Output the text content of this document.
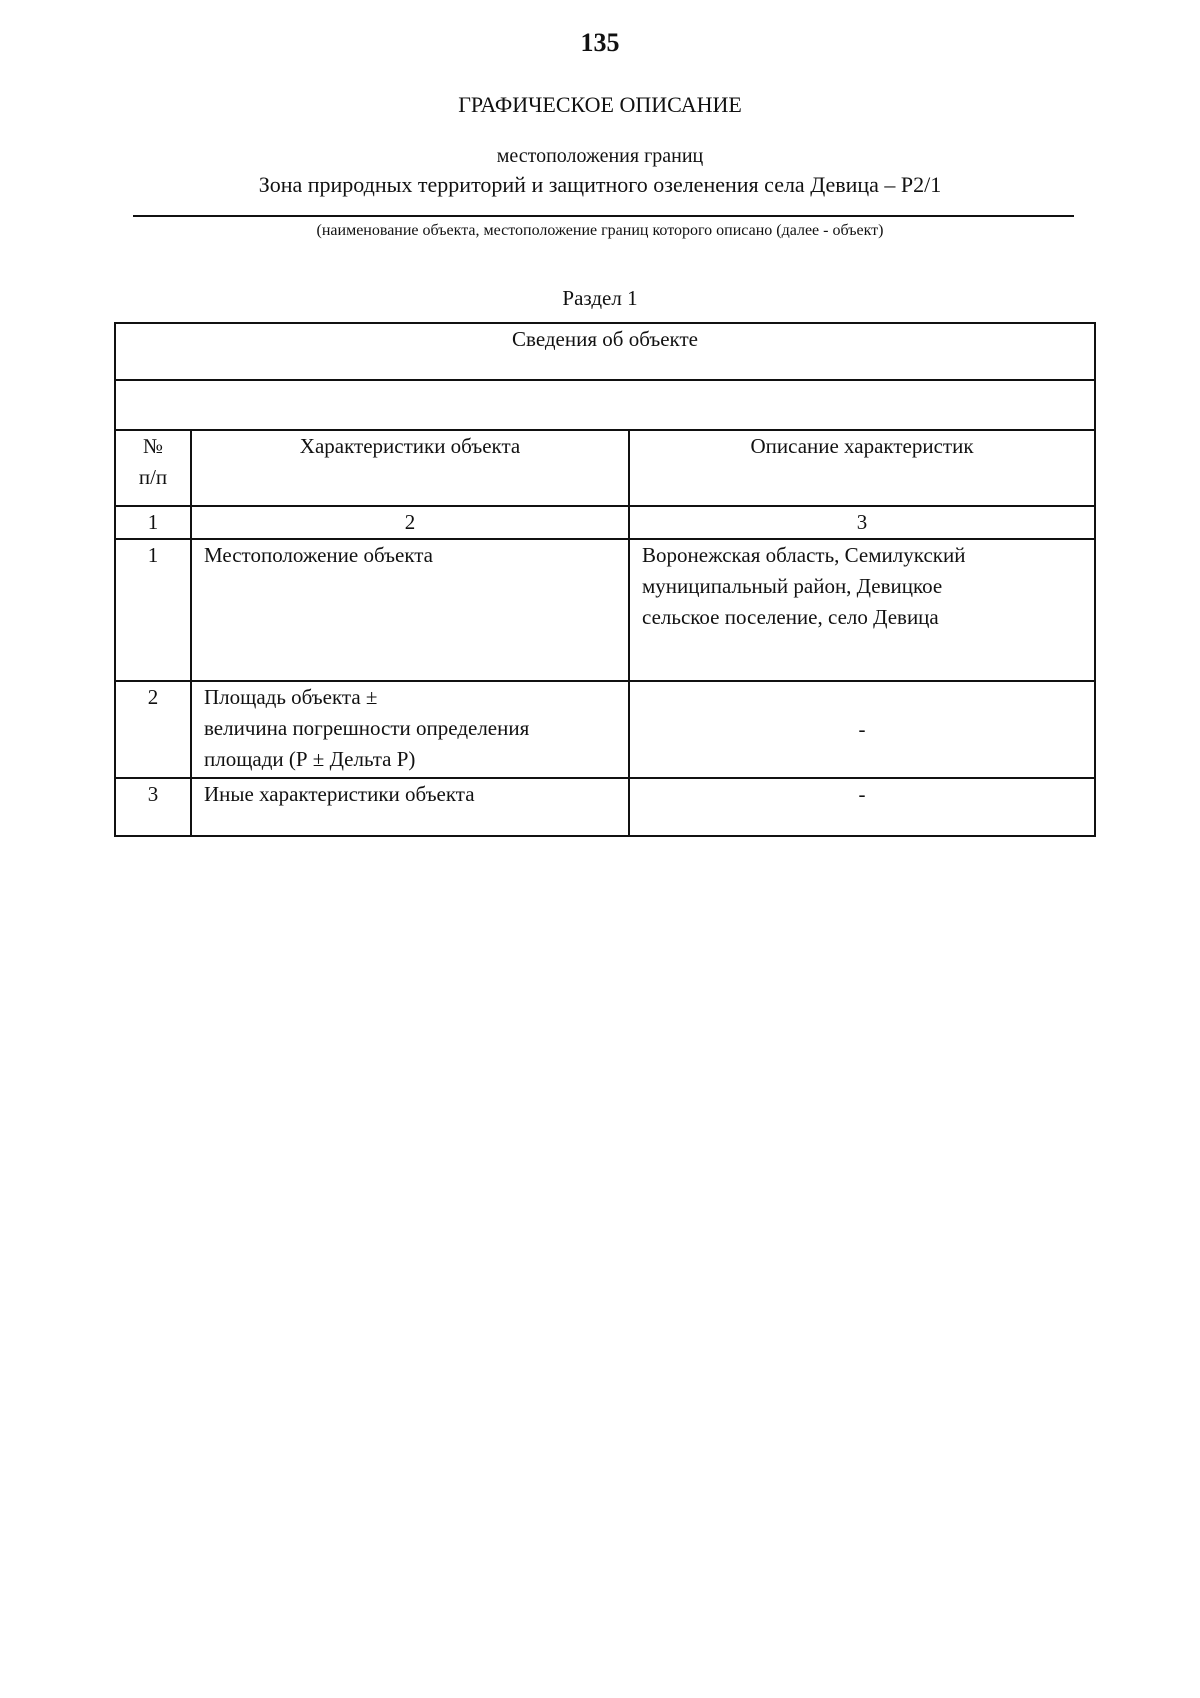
135
ГРАФИЧЕСКОЕ ОПИСАНИЕ
местоположения границ
Зона природных территорий и защитного озеленения села Девица – Р2/1
(наименование объекта, местоположение границ которого описано (далее - объект)
Раздел 1
Сведения об объекте		

№
п/п	Характеристики объекта	Описание характеристик
1	2	3
1	Местоположение объекта	Воронежская область, Семилукский
муниципальный район, Девицкое
сельское поселение, село Девица

2	Площадь объекта ±
величина погрешности определения
площади (Р ± Дельта Р)	-
3	Иные характеристики объекта	-
